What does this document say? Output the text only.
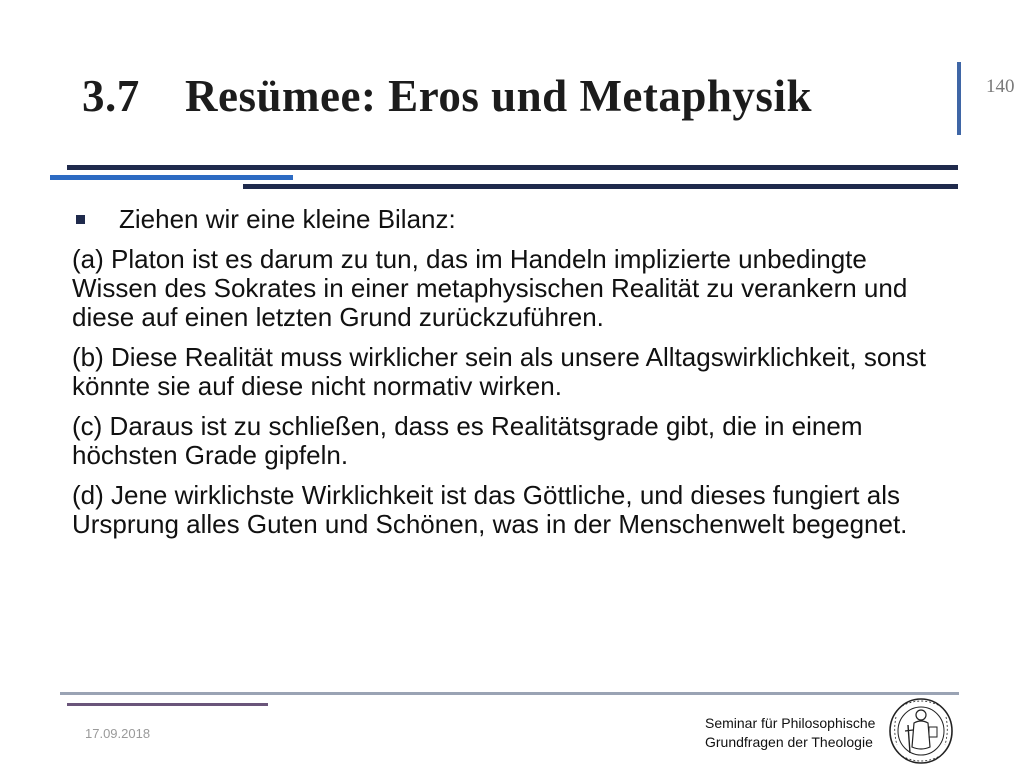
3.7 Resümee: Eros und Metaphysik	140
Ziehen wir eine kleine Bilanz:

(a) Platon ist es darum zu tun, das im Handeln implizierte unbedingte Wissen des Sokrates in einer metaphysischen Realität zu verankern und diese auf einen letzten Grund zurückzuführen.

(b) Diese Realität muss wirklicher sein als unsere Alltagswirklichkeit, sonst könnte sie auf diese nicht normativ wirken.

(c) Daraus ist zu schließen, dass es Realitätsgrade gibt, die in einem höchsten Grade gipfeln.

(d) Jene wirklichste Wirklichkeit ist das Göttliche, und dieses fungiert als Ursprung alles Guten und Schönen, was in der Menschenwelt begegnet.

17.09.2018
Seminar für Philosophische
Grundfragen der Theologie
